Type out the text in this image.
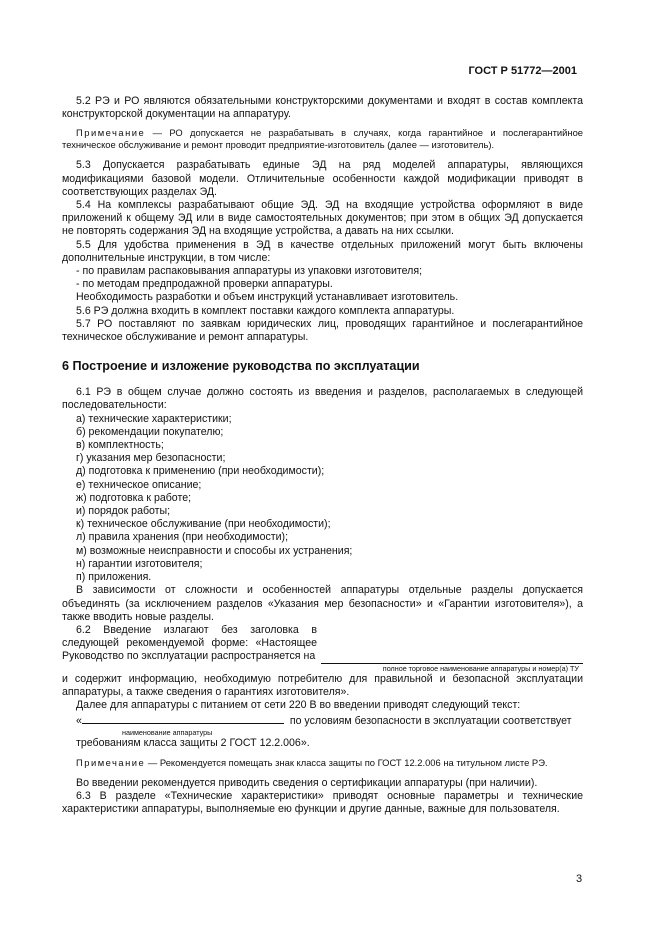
ГОСТ Р 51772—2001

5.2 РЭ и РО являются обязательными конструкторскими документами и входят в состав комплекта конструкторской документации на аппаратуру.

Примечание — РО допускается не разрабатывать в случаях, когда гарантийное и послегарантийное техническое обслуживание и ремонт проводит предприятие-изготовитель (далее — изготовитель).

5.3 Допускается разрабатывать единые ЭД на ряд моделей аппаратуры, являющихся модификациями базовой модели. Отличительные особенности каждой модификации приводят в соответствующих разделах ЭД.

5.4 На комплексы разрабатывают общие ЭД. ЭД на входящие устройства оформляют в виде приложений к общему ЭД или в виде самостоятельных документов; при этом в общих ЭД допускается не повторять содержания ЭД на входящие устройства, а давать на них ссылки.

5.5 Для удобства применения в ЭД в качестве отдельных приложений могут быть включены дополнительные инструкции, в том числе:

- по правилам распаковывания аппаратуры из упаковки изготовителя;

- по методам предпродажной проверки аппаратуры.

Необходимость разработки и объем инструкций устанавливает изготовитель.

5.6 РЭ должна входить в комплект поставки каждого комплекта аппаратуры.

5.7 РО поставляют по заявкам юридических лиц, проводящих гарантийное и послегарантийное техническое обслуживание и ремонт аппаратуры.

6 Построение и изложение руководства по эксплуатации

6.1 РЭ в общем случае должно состоять из введения и разделов, располагаемых в следующей последовательности:

а) технические характеристики;

б) рекомендации покупателю;

в) комплектность;

г) указания мер безопасности;

д) подготовка к применению (при необходимости);

е) техническое описание;

ж) подготовка к работе;

и) порядок работы;

к) техническое обслуживание (при необходимости);

л) правила хранения (при необходимости);

м) возможные неисправности и способы их устранения;

н) гарантии изготовителя;

п) приложения.

В зависимости от сложности и особенностей аппаратуры отдельные разделы допускается объединять (за исключением разделов «Указания мер безопасности» и «Гарантии изготовителя»), а также вводить новые разделы.

6.2 Введение излагают без заголовка в следующей рекомендуемой форме: «Настоящее Руководство по эксплуатации распространяется на

полное торговое наименование аппаратуры и номер(а) ТУ

и содержит информацию, необходимую потребителю для правильной и безопасной эксплуатации аппаратуры, а также сведения о гарантиях изготовителя».

Далее для аппаратуры с питанием от сети 220 В во введении приводят следующий текст:

«	по условиям безопасности в эксплуатации соответствует

наименование аппаратуры

требованиям класса защиты 2 ГОСТ 12.2.006».

Примечание — Рекомендуется помещать знак класса защиты по ГОСТ 12.2.006 на титульном листе РЭ.

Во введении рекомендуется приводить сведения о сертификации аппаратуры (при наличии).

6.3 В разделе «Технические характеристики» приводят основные параметры и технические характеристики аппаратуры, выполняемые ею функции и другие данные, важные для пользователя.

3
